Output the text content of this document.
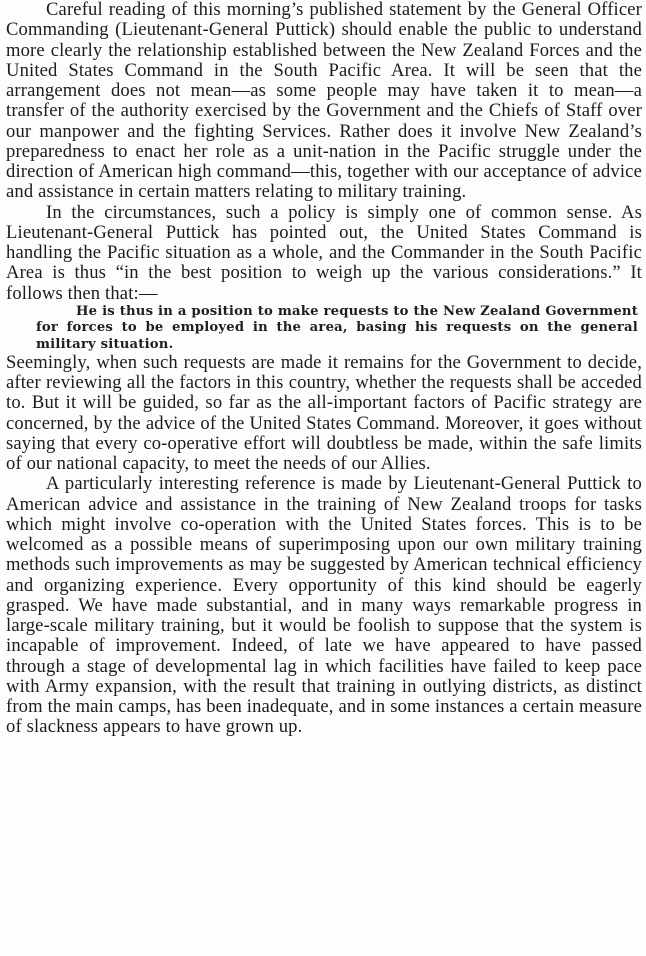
Careful reading of this morning’s published statement by the General Officer Commanding (Lieutenant-General Puttick) should enable the public to understand more clearly the relationship established between the New Zealand Forces and the United States Command in the South Pacific Area. It will be seen that the arrangement does not mean—as some people may have taken it to mean—a transfer of the authority exercised by the Government and the Chiefs of Staff over our manpower and the fighting Services. Rather does it involve New Zealand’s preparedness to enact her role as a unit-nation in the Pacific struggle under the direction of American high command—this, together with our acceptance of advice and assistance in certain matters relating to military training.

In the circumstances, such a policy is simply one of common sense. As Lieutenant-General Puttick has pointed out, the United States Command is handling the Pacific situation as a whole, and the Commander in the South Pacific Area is thus “in the best position to weigh up the various considerations.” It follows then that:—

He is thus in a position to make requests to the New Zealand Government for forces to be employed in the area, basing his requests on the general military situation.

Seemingly, when such requests are made it remains for the Government to decide, after reviewing all the factors in this country, whether the requests shall be acceded to. But it will be guided, so far as the all-important factors of Pacific strategy are concerned, by the advice of the United States Command. Moreover, it goes without saying that every co-operative effort will doubtless be made, within the safe limits of our national capacity, to meet the needs of our Allies.

A particularly interesting reference is made by Lieutenant-General Puttick to American advice and assistance in the training of New Zealand troops for tasks which might involve co-operation with the United States forces. This is to be welcomed as a possible means of superimposing upon our own military training methods such improvements as may be suggested by American technical efficiency and organizing experience. Every opportunity of this kind should be eagerly grasped. We have made substantial, and in many ways remarkable progress in large-scale military training, but it would be foolish to suppose that the system is incapable of improvement. Indeed, of late we have appeared to have passed through a stage of developmental lag in which facilities have failed to keep pace with Army expansion, with the result that training in outlying districts, as distinct from the main camps, has been inadequate, and in some instances a certain measure of slackness appears to have grown up.
